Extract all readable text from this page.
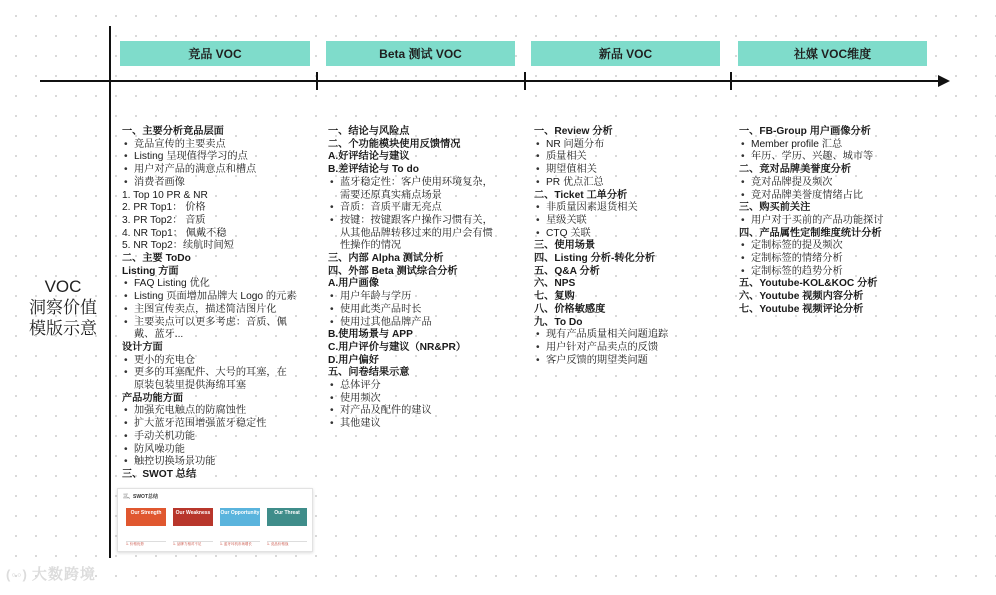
竞品 VOC	Beta 测试 VOC	新品 VOC	社媒 VOC维度
VOC
洞察价值
模版示意
一、主要分析竞品层面
• 竞品宣传的主要卖点
• Listing 呈现值得学习的点
• 用户对产品的满意点和槽点
• 消费者画像
1. Top 10 PR & NR
2. PR Top1： 价格
3. PR Top2： 音质
4. NR Top1： 佩戴不稳
5. NR Top2：续航时间短
二、主要 ToDo
Listing 方面
• FAQ Listing 优化
• Listing 页面增加品牌大 Logo 的元素
• 主图宣传卖点，描述简洁图片化
• 主要卖点可以更多考虑：音质、佩
戴、蓝牙...
设计方面
• 更小的充电仓
• 更多的耳塞配件、大号的耳塞，在
原装包装里提供海绵耳塞
产品功能方面
• 加强充电触点的防腐蚀性
• 扩大蓝牙范围增强蓝牙稳定性
• 手动关机功能
• 防风噪功能
• 触控切换场景功能
三、SWOT 总结
一、结论与风险点
二、个功能模块使用反馈情况
A.好评结论与建议
B.差评结论与 To do
• 蓝牙稳定性：客户使用环境复杂，
需要还原真实痛点场景
• 音质：音质平庸无亮点
• 按键：按键跟客户操作习惯有关，
从其他品牌转移过来的用户会有惯
性操作的情况
三、内部 Alpha 测试分析
四、外部 Beta 测试综合分析
A.用户画像
• 用户年龄与学历
• 使用此类产品时长
• 使用过其他品牌产品
B.使用场景与 APP
C.用户评价与建议（NR&PR）
D.用户偏好
五、问卷结果示意
• 总体评分
• 使用频次
• 对产品及配件的建议
• 其他建议
一、Review 分析
• NR 问题分布
• 质量相关
• 期望值相关
• PR 优点汇总
二、Ticket 工单分析
• 非质量因素退货相关
• 星级关联
• CTQ 关联
三、使用场景
四、Listing 分析-转化分析
五、Q&A 分析
六、NPS
七、复购
八、价格敏感度
九、To Do
• 现有产品质量相关问题追踪
• 用户针对产品卖点的反馈
• 客户反馈的期望类问题
一、FB-Group 用户画像分析
• Member profile 汇总
• 年历、学历、兴趣、城市等
二、竞对品牌美誉度分析
• 竞对品牌提及频次
• 竞对品牌美誉度情绪占比
三、购买前关注
• 用户对于买前的产品功能探讨
四、产品属性定制维度统计分析
• 定制标签的提及频次
• 定制标签的情绪分析
• 定制标签的趋势分析
五、Youtube-KOL&KOC 分析
六、Youtube 视频内容分析
七、Youtube 视频评论分析
三、SWOT总结
Our Strength
1. 价格优势
Our Weakness
1. 品牌力相对不足
Our Opportunity
1. 蓝牙耳机市场增长
Our Threat
1. 竞品价格战
(◦◦) 大数跨境
